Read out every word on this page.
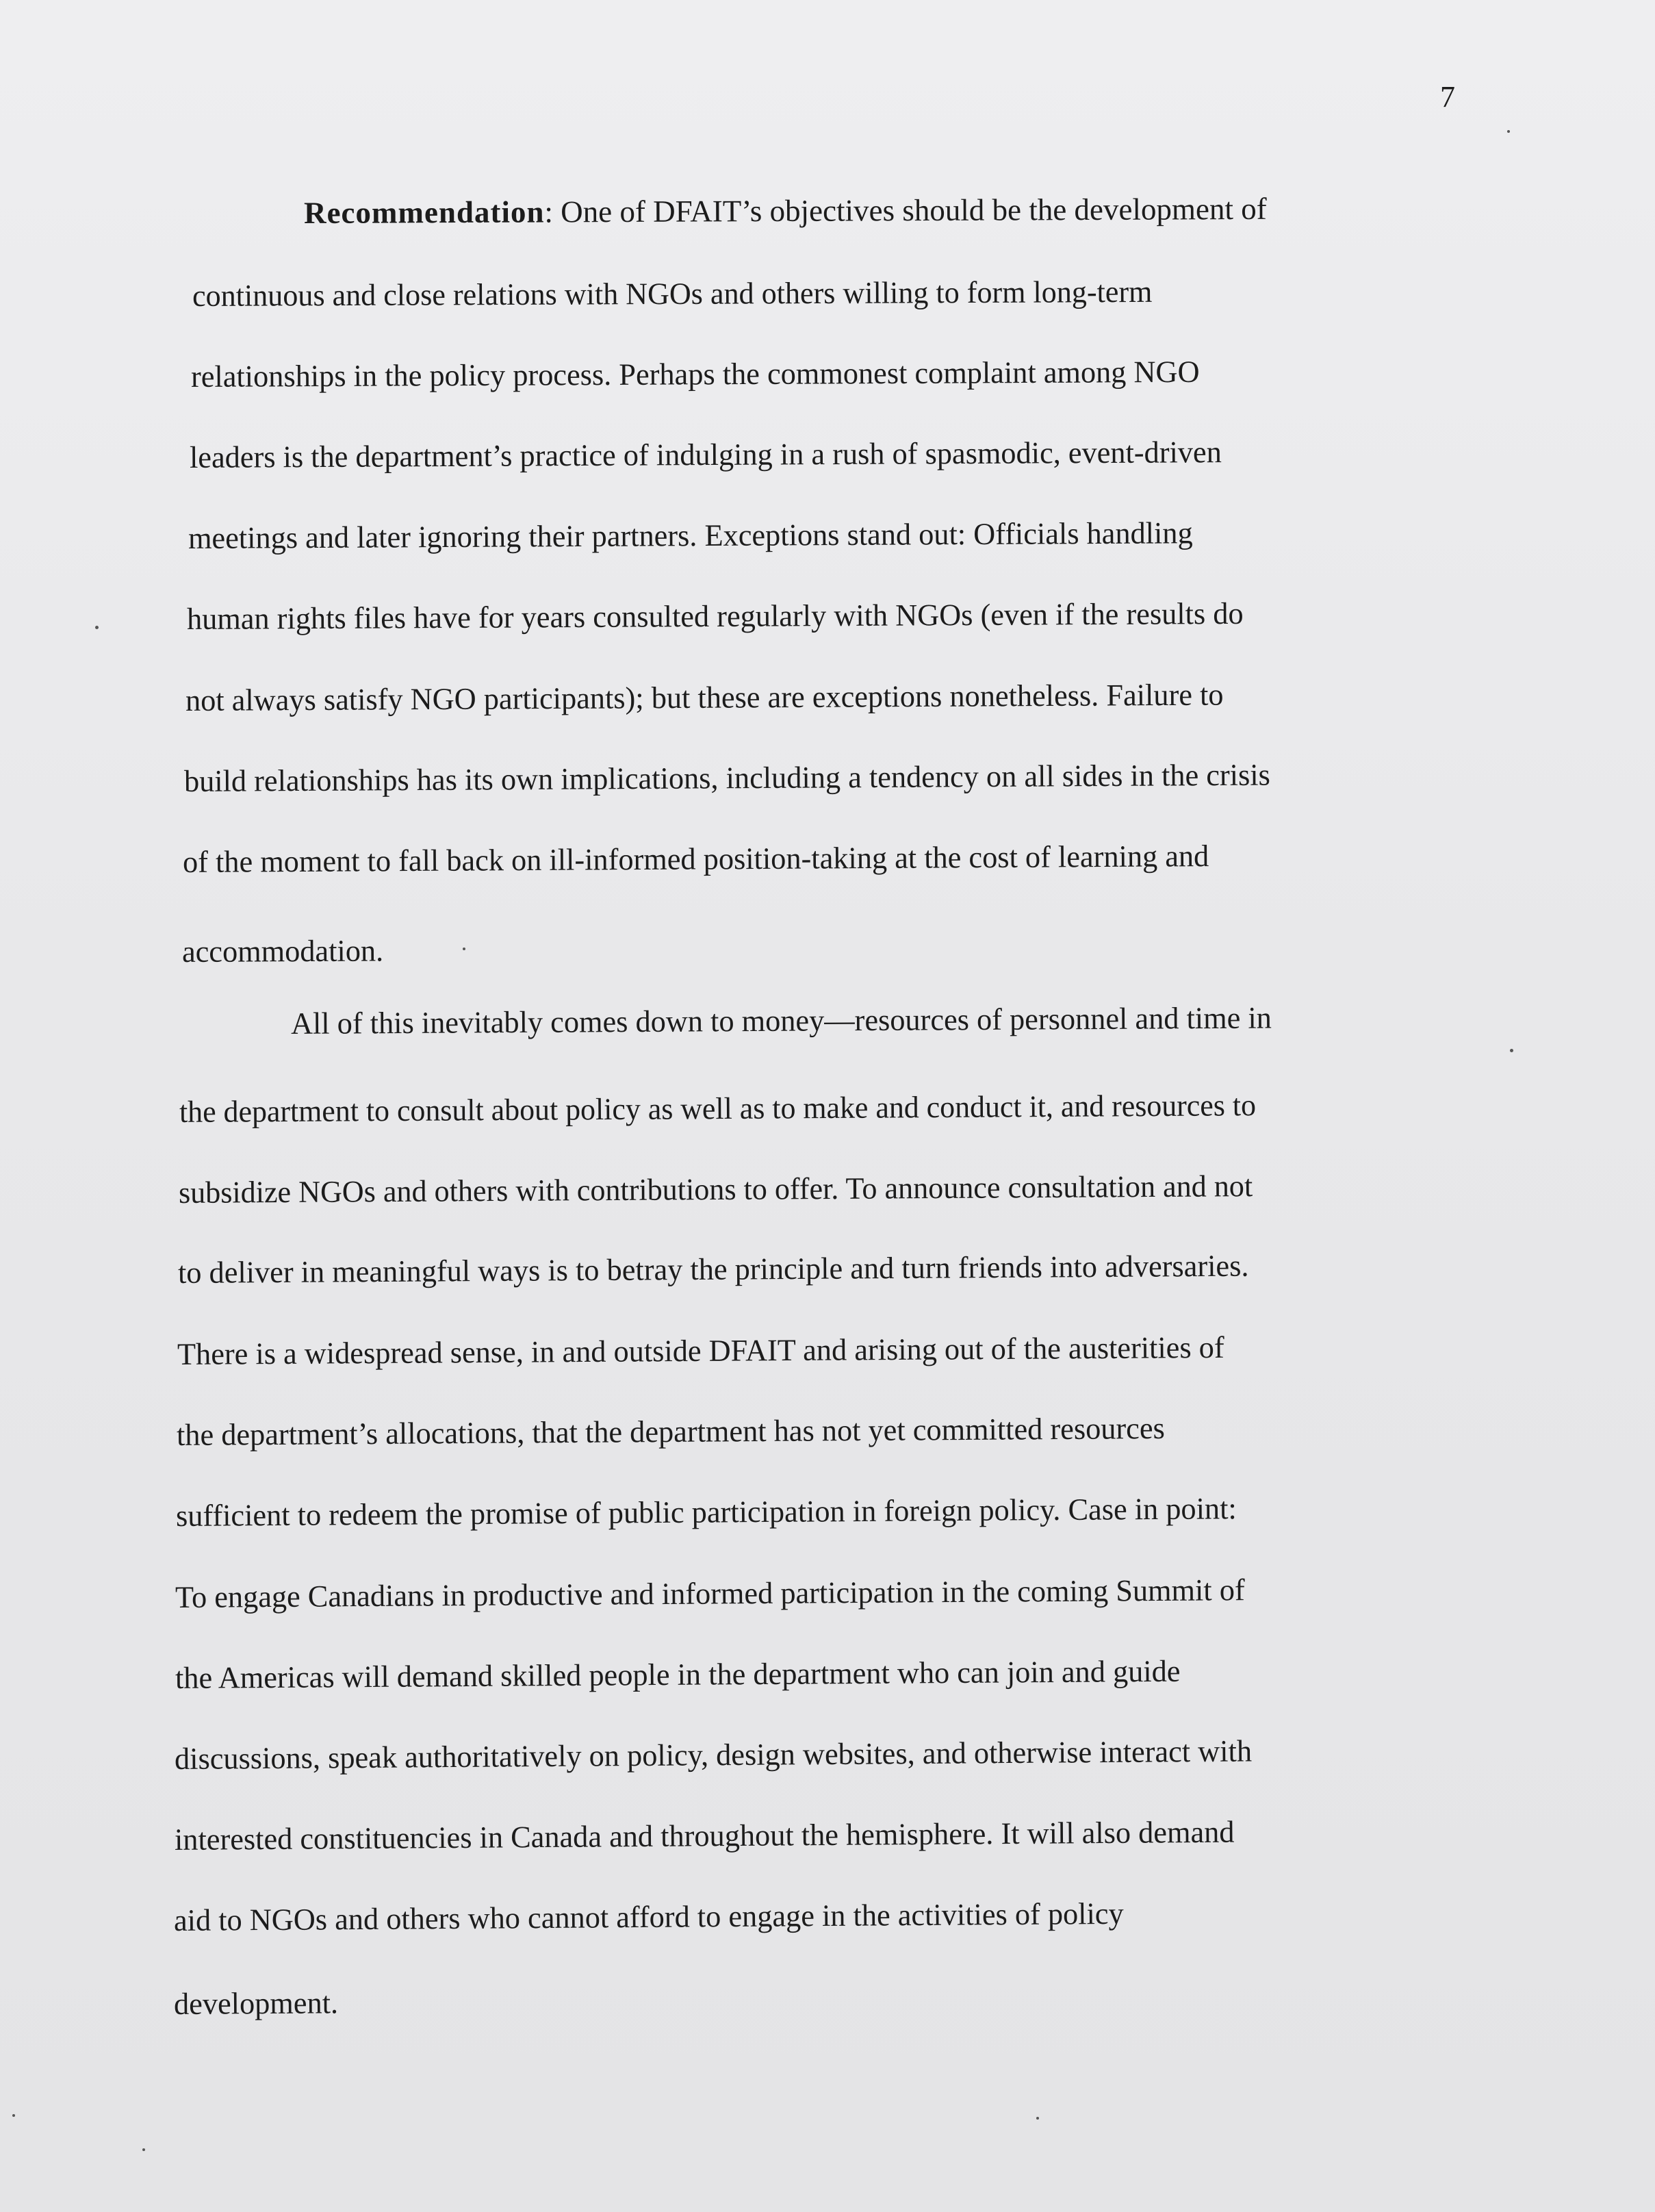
7
Recommendation: One of DFAIT’s objectives should be the development of
continuous and close relations with NGOs and others willing to form long-term
relationships in the policy process. Perhaps the commonest complaint among NGO
leaders is the department’s practice of indulging in a rush of spasmodic, event-driven
meetings and later ignoring their partners. Exceptions stand out: Officials handling
human rights files have for years consulted regularly with NGOs (even if the results do
not always satisfy NGO participants); but these are exceptions nonetheless. Failure to
build relationships has its own implications, including a tendency on all sides in the crisis
of the moment to fall back on ill-informed position-taking at the cost of learning and
accommodation.
All of this inevitably comes down to money—resources of personnel and time in
the department to consult about policy as well as to make and conduct it, and resources to
subsidize NGOs and others with contributions to offer. To announce consultation and not
to deliver in meaningful ways is to betray the principle and turn friends into adversaries.
There is a widespread sense, in and outside DFAIT and arising out of the austerities of
the department’s allocations, that the department has not yet committed resources
sufficient to redeem the promise of public participation in foreign policy. Case in point:
To engage Canadians in productive and informed participation in the coming Summit of
the Americas will demand skilled people in the department who can join and guide
discussions, speak authoritatively on policy, design websites, and otherwise interact with
interested constituencies in Canada and throughout the hemisphere. It will also demand
aid to NGOs and others who cannot afford to engage in the activities of policy
development.
